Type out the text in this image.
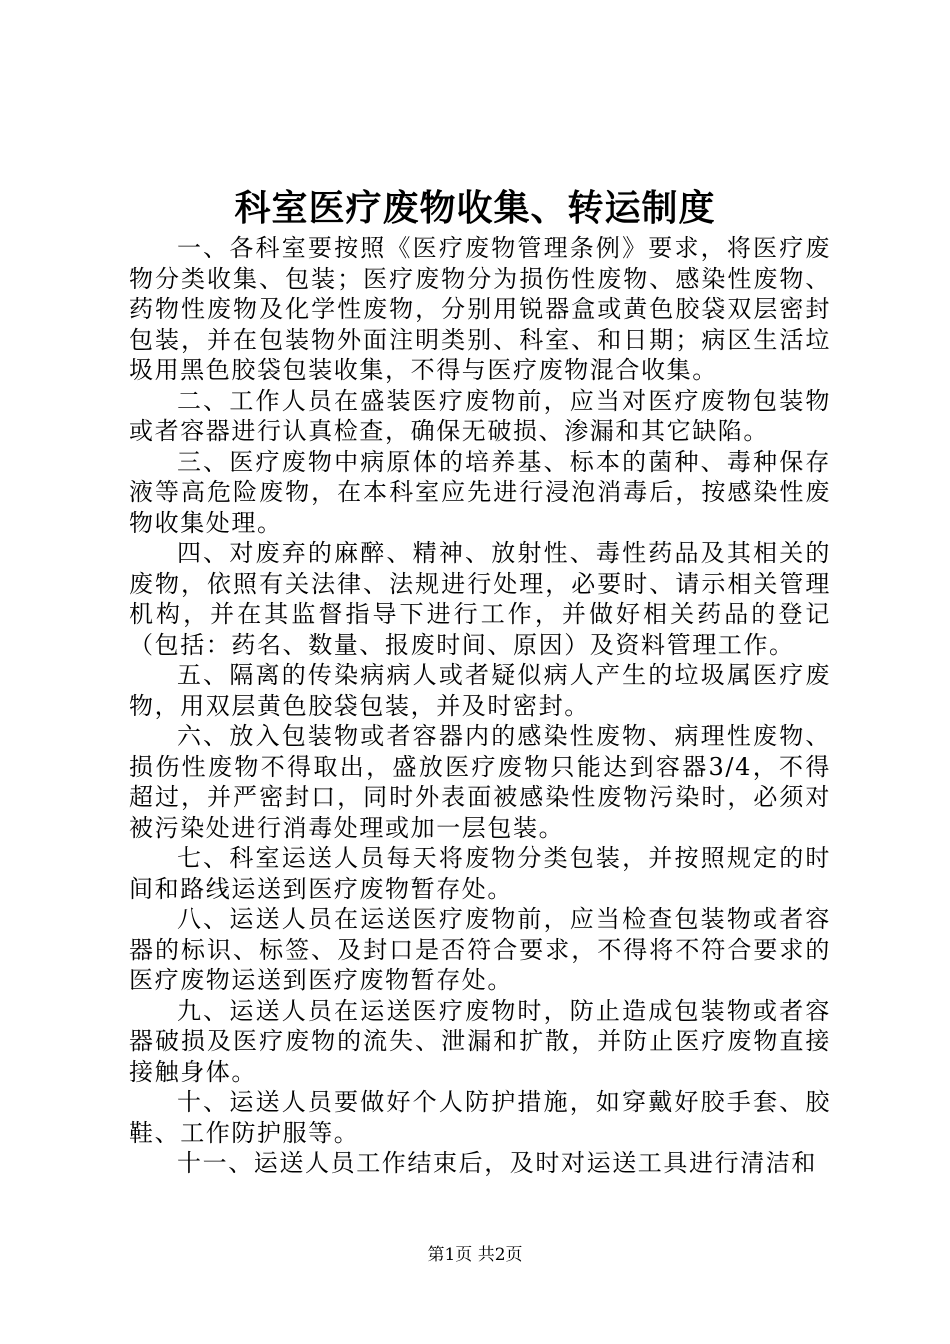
科室医疗废物收集、转运制度

一、各科室要按照《医疗废物管理条例》要求，将医疗废物分类收集、包装；医疗废物分为损伤性废物、感染性废物、药物性废物及化学性废物，分别用锐器盒或黄色胶袋双层密封包装，并在包装物外面注明类别、科室、和日期；病区生活垃圾用黑色胶袋包装收集，不得与医疗废物混合收集。

二、工作人员在盛装医疗废物前，应当对医疗废物包装物或者容器进行认真检查，确保无破损、渗漏和其它缺陷。

三、医疗废物中病原体的培养基、标本的菌种、毒种保存液等高危险废物，在本科室应先进行浸泡消毒后，按感染性废物收集处理。

四、对废弃的麻醉、精神、放射性、毒性药品及其相关的废物，依照有关法律、法规进行处理，必要时、请示相关管理机构，并在其监督指导下进行工作，并做好相关药品的登记（包括：药名、数量、报废时间、原因）及资料管理工作。

五、隔离的传染病病人或者疑似病人产生的垃圾属医疗废物，用双层黄色胶袋包装，并及时密封。

六、放入包装物或者容器内的感染性废物、病理性废物、损伤性废物不得取出，盛放医疗废物只能达到容器3/4，不得超过，并严密封口，同时外表面被感染性废物污染时，必须对被污染处进行消毒处理或加一层包装。

七、科室运送人员每天将废物分类包装，并按照规定的时间和路线运送到医疗废物暂存处。

八、运送人员在运送医疗废物前，应当检查包装物或者容器的标识、标签、及封口是否符合要求，不得将不符合要求的医疗废物运送到医疗废物暂存处。

九、运送人员在运送医疗废物时，防止造成包装物或者容器破损及医疗废物的流失、泄漏和扩散，并防止医疗废物直接接触身体。

十、运送人员要做好个人防护措施，如穿戴好胶手套、胶鞋、工作防护服等。

十一、运送人员工作结束后，及时对运送工具进行清洁和

第1页 共2页
